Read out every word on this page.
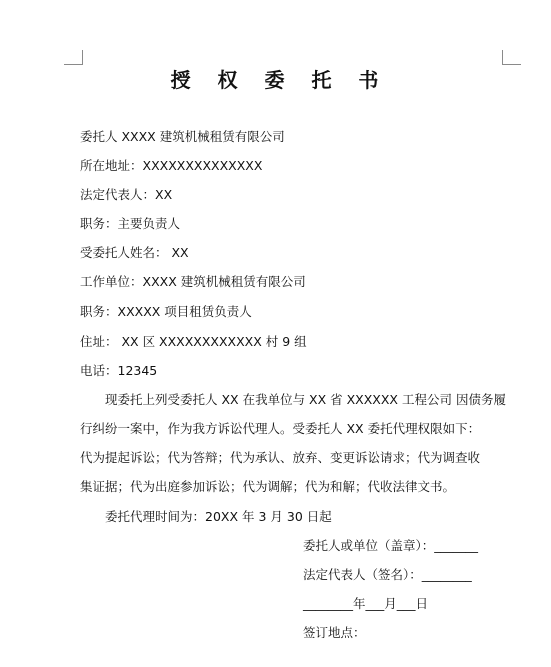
授 权 委 托 书
委托人 XXXX 建筑机械租赁有限公司
所在地址：XXXXXXXXXXXXXX
法定代表人：XX
职务：主要负责人
受委托人姓名： XX
工作单位：XXXX 建筑机械租赁有限公司
职务：XXXXX 项目租赁负责人
住址： XX 区 XXXXXXXXXXXX 村 9 组
电话：12345
现委托上列受委托人 XX 在我单位与 XX 省 XXXXXX 工程公司 因债务履
行纠纷一案中，作为我方诉讼代理人。受委托人 XX 委托代理权限如下：
代为提起诉讼；代为答辩；代为承认、放弃、变更诉讼请求；代为调查收
集证据；代为出庭参加诉讼；代为调解；代为和解；代收法律文书。
委托代理时间为：20XX 年 3 月 30 日起
委托人或单位（盖章）：_______
法定代表人（签名）：________
________年___月___日
签订地点：
